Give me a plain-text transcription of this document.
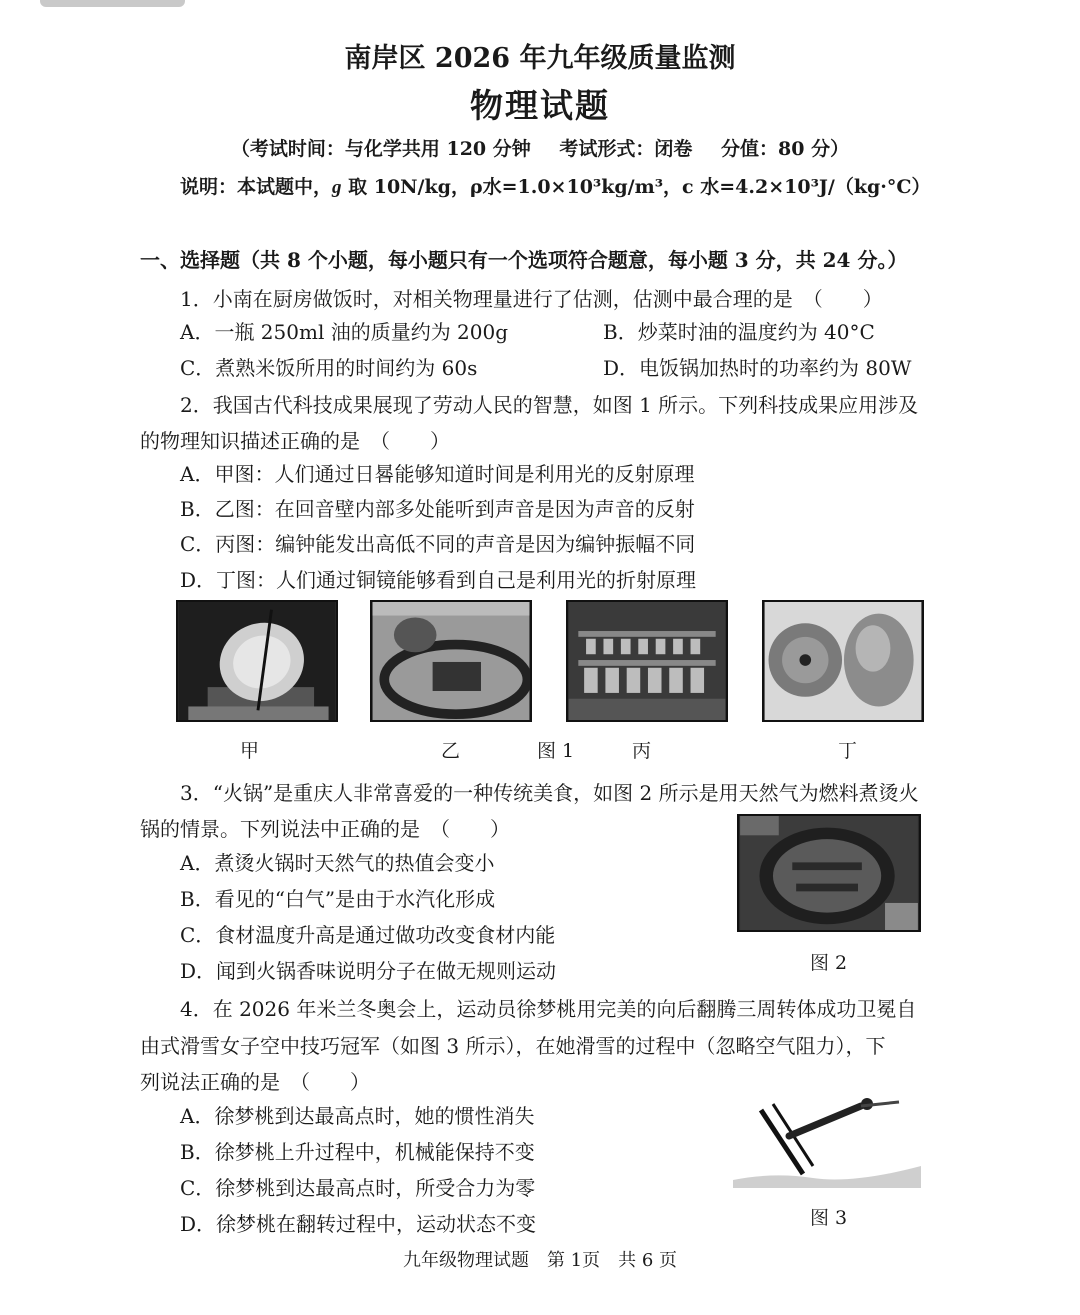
南岸区 2026 年九年级质量监测
物理试题
（考试时间：与化学共用 120 分钟 考试形式：闭卷 分值：80 分）
说明：本试题中，g 取 10N/kg，ρ水=1.0×10³kg/m³，c 水=4.2×10³J/（kg·°C）
一、选择题（共 8 个小题，每小题只有一个选项符合题意，每小题 3 分，共 24 分。）
1．小南在厨房做饭时，对相关物理量进行了估测，估测中最合理的是　（　　）
A．一瓶 250ml 油的质量约为 200g	B．炒菜时油的温度约为 40°C
C．煮熟米饭所用的时间约为 60s	D．电饭锅加热时的功率约为 80W
2．我国古代科技成果展现了劳动人民的智慧，如图 1 所示。下列科技成果应用涉及
的物理知识描述正确的是　（　　）
A．甲图：人们通过日晷能够知道时间是利用光的反射原理
B．乙图：在回音壁内部多处能听到声音是因为声音的反射
C．丙图：编钟能发出高低不同的声音是因为编钟振幅不同
D．丁图：人们通过铜镜能够看到自己是利用光的折射原理
甲	乙	图 1	丙	丁
3．“火锅”是重庆人非常喜爱的一种传统美食，如图 2 所示是用天然气为燃料煮烫火
锅的情景。下列说法中正确的是　（　　）
A．煮烫火锅时天然气的热值会变小
B．看见的“白气”是由于水汽化形成
C．食材温度升高是通过做功改变食材内能
D．闻到火锅香味说明分子在做无规则运动	图 2
4．在 2026 年米兰冬奥会上，运动员徐梦桃用完美的向后翻腾三周转体成功卫冕自
由式滑雪女子空中技巧冠军（如图 3 所示），在她滑雪的过程中（忽略空气阻力），下
列说法正确的是　（　　）
A．徐梦桃到达最高点时，她的惯性消失
B．徐梦桃上升过程中，机械能保持不变
C．徐梦桃到达最高点时，所受合力为零
D．徐梦桃在翻转过程中，运动状态不变	图 3
九年级物理试题　第 1页　共 6 页
